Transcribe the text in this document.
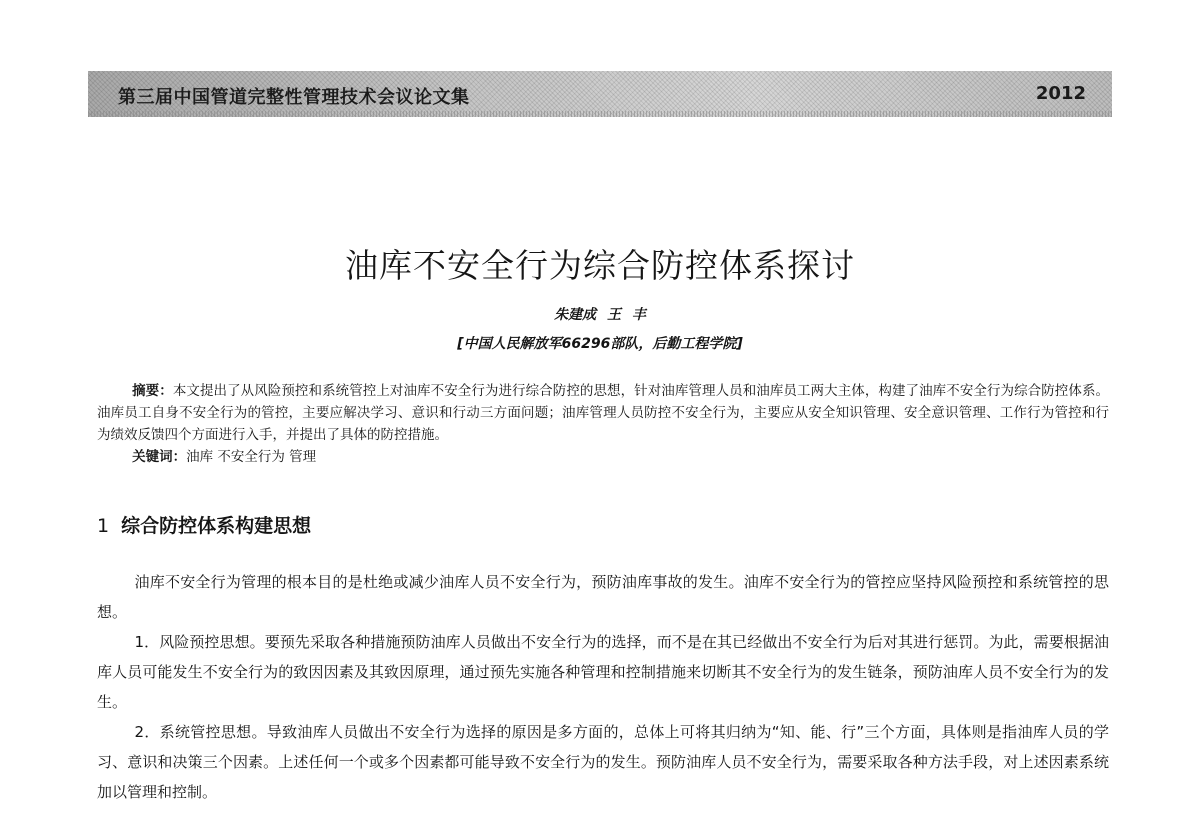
第三届中国管道完整性管理技术会议论文集	2012
油库不安全行为综合防控体系探讨
朱建成 王 丰
[中国人民解放军66296部队，后勤工程学院]

摘要：本文提出了从风险预控和系统管控上对油库不安全行为进行综合防控的思想，针对油库管理人员和油库员工两大主体，构建了油库不安全行为综合防控体系。油库员工自身不安全行为的管控，主要应解决学习、意识和行动三方面问题；油库管理人员防控不安全行为，主要应从安全知识管理、安全意识管理、工作行为管控和行为绩效反馈四个方面进行入手，并提出了具体的防控措施。

关键词：油库 不安全行为 管理

1 综合防控体系构建思想

油库不安全行为管理的根本目的是杜绝或减少油库人员不安全行为，预防油库事故的发生。油库不安全行为的管控应坚持风险预控和系统管控的思想。

1．风险预控思想。要预先采取各种措施预防油库人员做出不安全行为的选择，而不是在其已经做出不安全行为后对其进行惩罚。为此，需要根据油库人员可能发生不安全行为的致因因素及其致因原理，通过预先实施各种管理和控制措施来切断其不安全行为的发生链条，预防油库人员不安全行为的发生。

2．系统管控思想。导致油库人员做出不安全行为选择的原因是多方面的，总体上可将其归纳为“知、能、行”三个方面，具体则是指油库人员的学习、意识和决策三个因素。上述任何一个或多个因素都可能导致不安全行为的发生。预防油库人员不安全行为，需要采取各种方法手段，对上述因素系统加以管理和控制。
